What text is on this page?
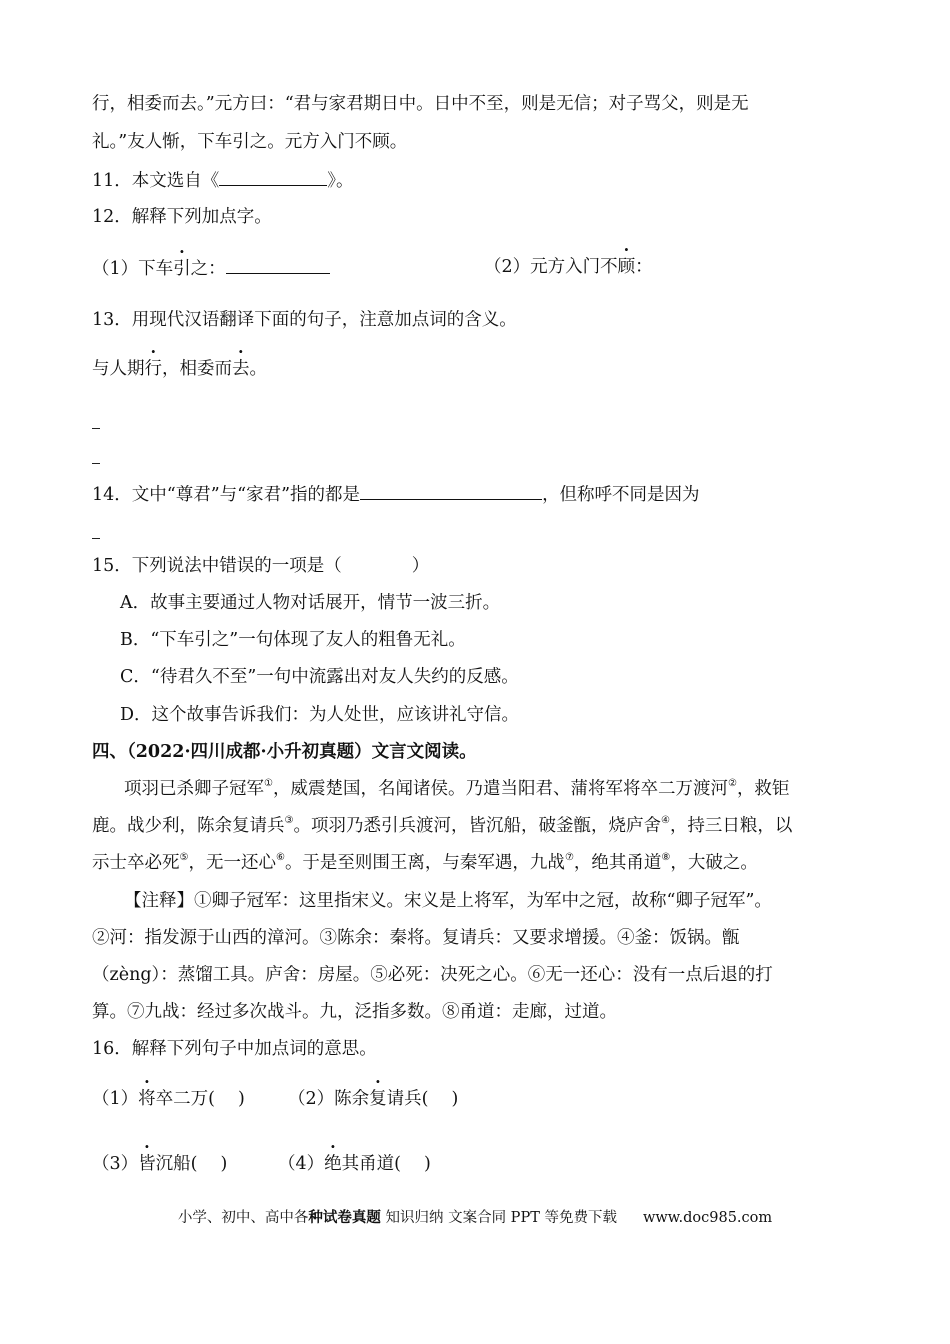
行，相委而去。”元方曰：“君与家君期日中。日中不至，则是无信；对子骂父，则是无
礼。”友人惭，下车引之。元方入门不顾。
11．本文选自《	》。
12．解释下列加点字。
（1）下车引之：	（2）元方入门不顾：
13．用现代汉语翻译下面的句子，注意加点词的含义。
与人期行，相委而去。
14．文中“尊君”与“家君”指的都是	，但称呼不同是因为
15．下列说法中错误的一项是（　　　　）
A．故事主要通过人物对话展开，情节一波三折。
B．“下车引之”一句体现了友人的粗鲁无礼。
C．“待君久不至”一句中流露出对友人失约的反感。
D．这个故事告诉我们：为人处世，应该讲礼守信。
四、（2022·四川成都·小升初真题）文言文阅读。
项羽已杀卿子冠军①，威震楚国，名闻诸侯。乃遣当阳君、蒲将军将卒二万渡河②，救钜
鹿。战少利，陈余复请兵③。项羽乃悉引兵渡河，皆沉船，破釜甑，烧庐舍④，持三日粮，以
示士卒必死⑤，无一还心⑥。于是至则围王离，与秦军遇，九战⑦，绝其甬道⑧，大破之。
【注释】①卿子冠军：这里指宋义。宋义是上将军，为军中之冠，故称“卿子冠军”。
②河：指发源于山西的漳河。③陈余：秦将。复请兵：又要求增援。④釜：饭锅。甑
（zèng）：蒸馏工具。庐舍：房屋。⑤必死：决死之心。⑥无一还心：没有一点后退的打
算。⑦九战：经过多次战斗。九，泛指多数。⑧甬道：走廊，过道。
16．解释下列句子中加点词的意思。
（1）将卒二万(　 ) （2）陈余复请兵(　 )
（3）皆沉船(　 )	（4）绝其甬道(　 )
小学、初中、高中各种试卷真题 知识归纳 文案合同 PPT 等免费下载 www.doc985.com
